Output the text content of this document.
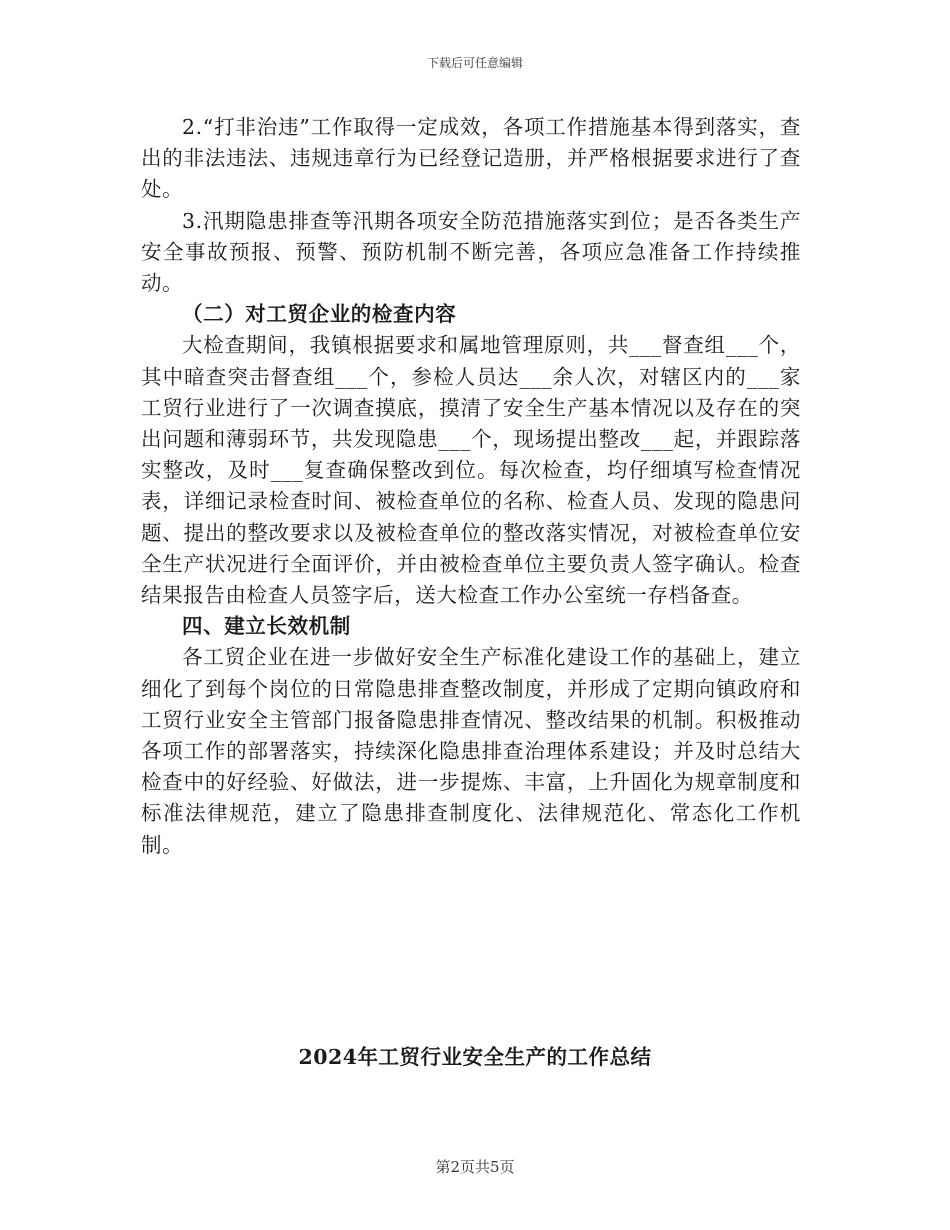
下载后可任意编辑

2.“打非治违”工作取得一定成效，各项工作措施基本得到落实，查出的非法违法、违规违章行为已经登记造册，并严格根据要求进行了查处。

3.汛期隐患排查等汛期各项安全防范措施落实到位；是否各类生产安全事故预报、预警、预防机制不断完善，各项应急准备工作持续推动。

（二）对工贸企业的检查内容

大检查期间，我镇根据要求和属地管理原则，共___督查组___个，其中暗查突击督查组___个，参检人员达___余人次，对辖区内的___家工贸行业进行了一次调查摸底，摸清了安全生产基本情况以及存在的突出问题和薄弱环节，共发现隐患___个，现场提出整改___起，并跟踪落实整改，及时___复查确保整改到位。每次检查，均仔细填写检查情况表，详细记录检查时间、被检查单位的名称、检查人员、发现的隐患问题、提出的整改要求以及被检查单位的整改落实情况，对被检查单位安全生产状况进行全面评价，并由被检查单位主要负责人签字确认。检查结果报告由检查人员签字后，送大检查工作办公室统一存档备查。

四、建立长效机制

各工贸企业在进一步做好安全生产标准化建设工作的基础上，建立细化了到每个岗位的日常隐患排查整改制度，并形成了定期向镇政府和工贸行业安全主管部门报备隐患排查情况、整改结果的机制。积极推动各项工作的部署落实，持续深化隐患排查治理体系建设；并及时总结大检查中的好经验、好做法，进一步提炼、丰富，上升固化为规章制度和标准法律规范，建立了隐患排查制度化、法律规范化、常态化工作机制。

2024年工贸行业安全生产的工作总结
第2页共5页
